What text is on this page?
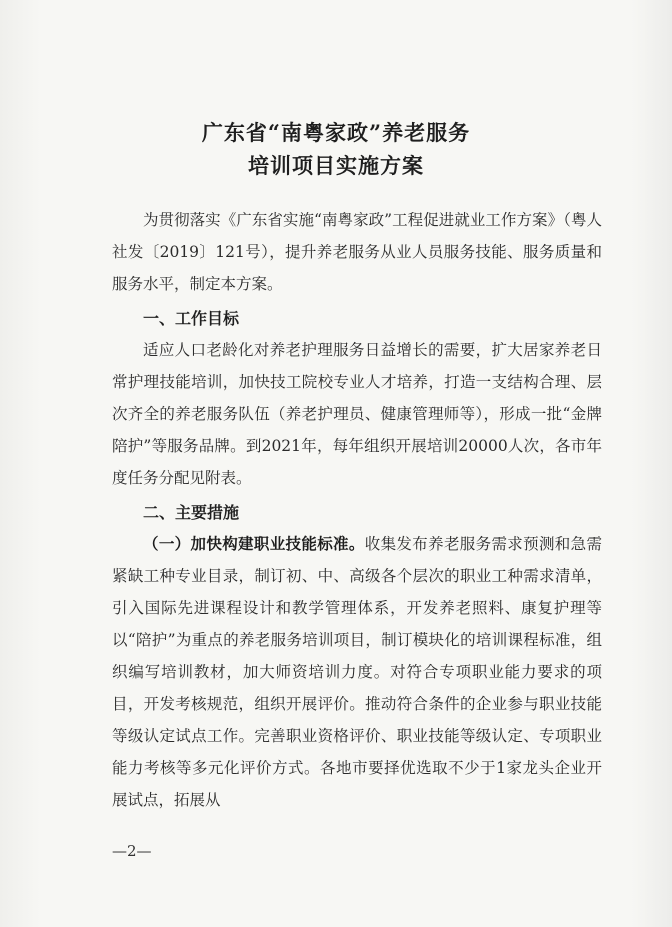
广东省“南粤家政”养老服务
培训项目实施方案
为贯彻落实《广东省实施“南粤家政”工程促进就业工作方案》（粤人社发〔2019〕121号），提升养老服务从业人员服务技能、服务质量和服务水平，制定本方案。
一、工作目标
适应人口老龄化对养老护理服务日益增长的需要，扩大居家养老日常护理技能培训，加快技工院校专业人才培养，打造一支结构合理、层次齐全的养老服务队伍（养老护理员、健康管理师等），形成一批“金牌陪护”等服务品牌。到2021年，每年组织开展培训20000人次，各市年度任务分配见附表。
二、主要措施
（一）加快构建职业技能标准。收集发布养老服务需求预测和急需紧缺工种专业目录，制订初、中、高级各个层次的职业工种需求清单，引入国际先进课程设计和教学管理体系，开发养老照料、康复护理等以“陪护”为重点的养老服务培训项目，制订模块化的培训课程标准，组织编写培训教材，加大师资培训力度。对符合专项职业能力要求的项目，开发考核规范，组织开展评价。推动符合条件的企业参与职业技能等级认定试点工作。完善职业资格评价、职业技能等级认定、专项职业能力考核等多元化评价方式。各地市要择优选取不少于1家龙头企业开展试点，拓展从
—2—
